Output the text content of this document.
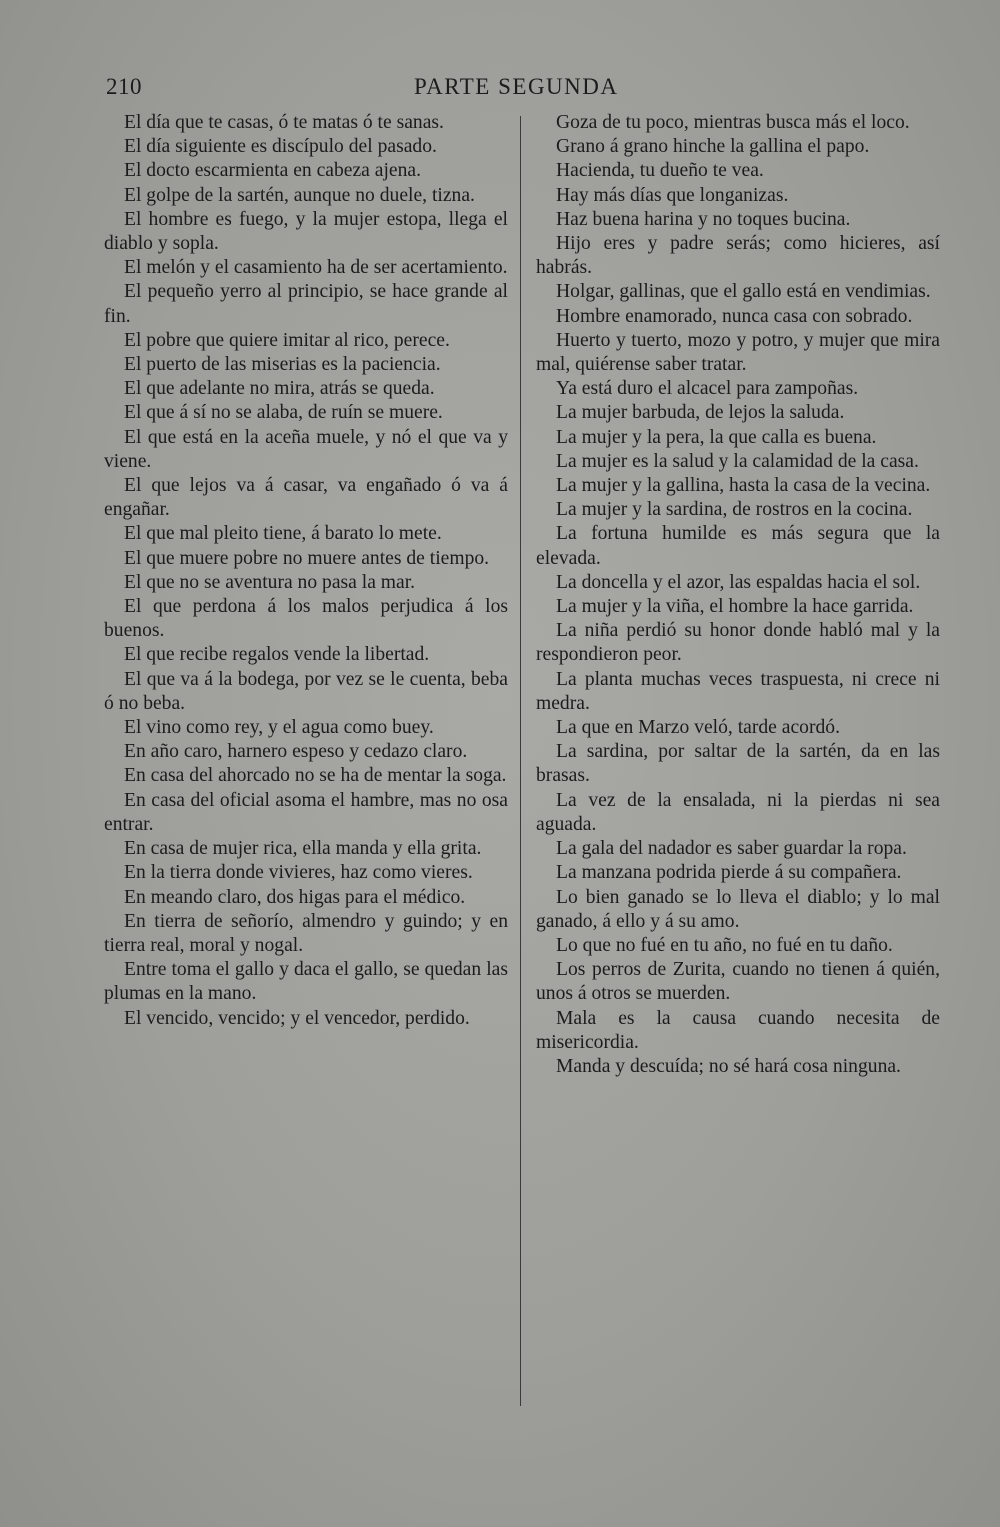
210	PARTE SEGUNDA

El día que te casas, ó te matas ó te sanas.

El día siguiente es discípulo del pasado.

El docto escarmienta en cabeza ajena.

El golpe de la sartén, aunque no duele, tizna.

El hombre es fuego, y la mujer estopa, llega el diablo y sopla.

El melón y el casamiento ha de ser acertamiento.

El pequeño yerro al principio, se hace grande al fin.

El pobre que quiere imitar al rico, perece.

El puerto de las miserias es la paciencia.

El que adelante no mira, atrás se queda.

El que á sí no se alaba, de ruín se muere.

El que está en la aceña muele, y nó el que va y viene.

El que lejos va á casar, va engañado ó va á engañar.

El que mal pleito tiene, á barato lo mete.

El que muere pobre no muere antes de tiempo.

El que no se aventura no pasa la mar.

El que perdona á los malos perjudica á los buenos.

El que recibe regalos vende la libertad.

El que va á la bodega, por vez se le cuenta, beba ó no beba.

El vino como rey, y el agua como buey.

En año caro, harnero espeso y cedazo claro.

En casa del ahorcado no se ha de mentar la soga.

En casa del oficial asoma el hambre, mas no osa entrar.

En casa de mujer rica, ella manda y ella grita.

En la tierra donde vivieres, haz como vieres.

En meando claro, dos higas para el médico.

En tierra de señorío, almendro y guindo; y en tierra real, moral y nogal.

Entre toma el gallo y daca el gallo, se quedan las plumas en la mano.

El vencido, vencido; y el vencedor, perdido.

Goza de tu poco, mientras busca más el loco.

Grano á grano hinche la gallina el papo.

Hacienda, tu dueño te vea.

Hay más días que longanizas.

Haz buena harina y no toques bucina.

Hijo eres y padre serás; como hicieres, así habrás.

Holgar, gallinas, que el gallo está en vendimias.

Hombre enamorado, nunca casa con sobrado.

Huerto y tuerto, mozo y potro, y mujer que mira mal, quiérense saber tratar.

Ya está duro el alcacel para zampoñas.

La mujer barbuda, de lejos la saluda.

La mujer y la pera, la que calla es buena.

La mujer es la salud y la calamidad de la casa.

La mujer y la gallina, hasta la casa de la vecina.

La mujer y la sardina, de rostros en la cocina.

La fortuna humilde es más segura que la elevada.

La doncella y el azor, las espaldas hacia el sol.

La mujer y la viña, el hombre la hace garrida.

La niña perdió su honor donde habló mal y la respondieron peor.

La planta muchas veces traspuesta, ni crece ni medra.

La que en Marzo veló, tarde acordó.

La sardina, por saltar de la sartén, da en las brasas.

La vez de la ensalada, ni la pierdas ni sea aguada.

La gala del nadador es saber guardar la ropa.

La manzana podrida pierde á su compañera.

Lo bien ganado se lo lleva el diablo; y lo mal ganado, á ello y á su amo.

Lo que no fué en tu año, no fué en tu daño.

Los perros de Zurita, cuando no tienen á quién, unos á otros se muerden.

Mala es la causa cuando necesita de misericordia.

Manda y descuída; no sé hará cosa ninguna.
